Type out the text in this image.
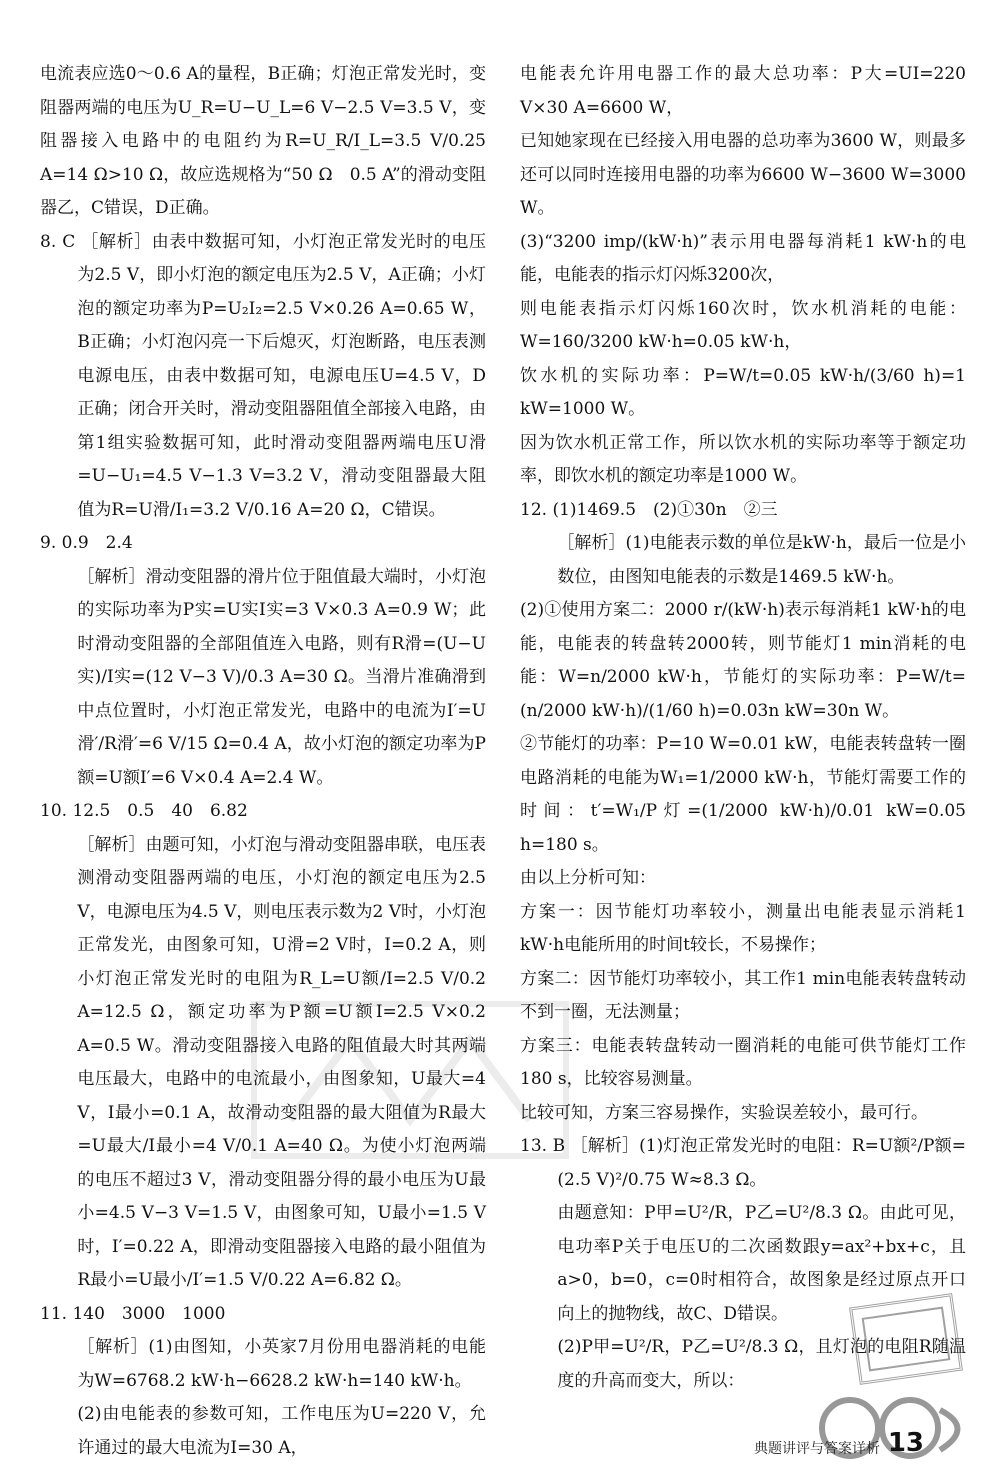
电流表应选0～0.6 A的量程，B正确；灯泡正常发光时，变阻器两端的电压为U_R=U−U_L=6 V−2.5 V=3.5 V，变阻器接入电路中的电阻约为R=U_R/I_L=3.5 V/0.25 A=14 Ω>10 Ω，故应选规格为“50 Ω　0.5 A”的滑动变阻器乙，C错误，D正确。

8. C ［解析］由表中数据可知，小灯泡正常发光时的电压为2.5 V，即小灯泡的额定电压为2.5 V，A正确；小灯泡的额定功率为P=U₂I₂=2.5 V×0.26 A=0.65 W，B正确；小灯泡闪亮一下后熄灭，灯泡断路，电压表测电源电压，由表中数据可知，电源电压U=4.5 V，D正确；闭合开关时，滑动变阻器阻值全部接入电路，由第1组实验数据可知，此时滑动变阻器两端电压U滑=U−U₁=4.5 V−1.3 V=3.2 V，滑动变阻器最大阻值为R=U滑/I₁=3.2 V/0.16 A=20 Ω，C错误。

9. 0.9　2.4

［解析］滑动变阻器的滑片位于阻值最大端时，小灯泡的实际功率为P实=U实I实=3 V×0.3 A=0.9 W；此时滑动变阻器的全部阻值连入电路，则有R滑=(U−U实)/I实=(12 V−3 V)/0.3 A=30 Ω。当滑片准确滑到中点位置时，小灯泡正常发光，电路中的电流为I′=U滑′/R滑′=6 V/15 Ω=0.4 A，故小灯泡的额定功率为P额=U额I′=6 V×0.4 A=2.4 W。

10. 12.5　0.5　40　6.82

［解析］由题可知，小灯泡与滑动变阻器串联，电压表测滑动变阻器两端的电压，小灯泡的额定电压为2.5 V，电源电压为4.5 V，则电压表示数为2 V时，小灯泡正常发光，由图象可知，U滑=2 V时，I=0.2 A，则小灯泡正常发光时的电阻为R_L=U额/I=2.5 V/0.2 A=12.5 Ω，额定功率为P额=U额I=2.5 V×0.2 A=0.5 W。滑动变阻器接入电路的阻值最大时其两端电压最大，电路中的电流最小，由图象知，U最大=4 V，I最小=0.1 A，故滑动变阻器的最大阻值为R最大=U最大/I最小=4 V/0.1 A=40 Ω。为使小灯泡两端的电压不超过3 V，滑动变阻器分得的最小电压为U最小=4.5 V−3 V=1.5 V，由图象可知，U最小=1.5 V时，I′=0.22 A，即滑动变阻器接入电路的最小阻值为R最小=U最小/I′=1.5 V/0.22 A=6.82 Ω。

11. 140　3000　1000

［解析］(1)由图知，小英家7月份用电器消耗的电能为W=6768.2 kW·h−6628.2 kW·h=140 kW·h。

(2)由电能表的参数可知，工作电压为U=220 V，允许通过的最大电流为I=30 A，

电能表允许用电器工作的最大总功率：P大=UI=220 V×30 A=6600 W，

已知她家现在已经接入用电器的总功率为3600 W，则最多还可以同时连接用电器的功率为6600 W−3600 W=3000 W。

(3)“3200 imp/(kW·h)”表示用电器每消耗1 kW·h的电能，电能表的指示灯闪烁3200次，

则电能表指示灯闪烁160次时，饮水机消耗的电能：W=160/3200 kW·h=0.05 kW·h，

饮水机的实际功率：P=W/t=0.05 kW·h/(3/60 h)=1 kW=1000 W。

因为饮水机正常工作，所以饮水机的实际功率等于额定功率，即饮水机的额定功率是1000 W。

12. (1)1469.5　(2)①30n　②三

［解析］(1)电能表示数的单位是kW·h，最后一位是小数位，由图知电能表的示数是1469.5 kW·h。

(2)①使用方案二：2000 r/(kW·h)表示每消耗1 kW·h的电能，电能表的转盘转2000转，则节能灯1 min消耗的电能：W=n/2000 kW·h，节能灯的实际功率：P=W/t=(n/2000 kW·h)/(1/60 h)=0.03n kW=30n W。

②节能灯的功率：P=10 W=0.01 kW，电能表转盘转一圈电路消耗的电能为W₁=1/2000 kW·h，节能灯需要工作的时间：t′=W₁/P灯=(1/2000 kW·h)/0.01 kW=0.05 h=180 s。

由以上分析可知：

方案一：因节能灯功率较小，测量出电能表显示消耗1 kW·h电能所用的时间t较长，不易操作；

方案二：因节能灯功率较小，其工作1 min电能表转盘转动不到一圈，无法测量；

方案三：电能表转盘转动一圈消耗的电能可供节能灯工作180 s，比较容易测量。

比较可知，方案三容易操作，实验误差较小，最可行。

13. B ［解析］(1)灯泡正常发光时的电阻：R=U额²/P额=(2.5 V)²/0.75 W≈8.3 Ω。

由题意知：P甲=U²/R，P乙=U²/8.3 Ω。由此可见，电功率P关于电压U的二次函数跟y=ax²+bx+c，且a>0，b=0，c=0时相符合，故图象是经过原点开口向上的抛物线，故C、D错误。

(2)P甲=U²/R，P乙=U²/8.3 Ω，且灯泡的电阻R随温度的升高而变大，所以：

典题讲评与答案详析 13
